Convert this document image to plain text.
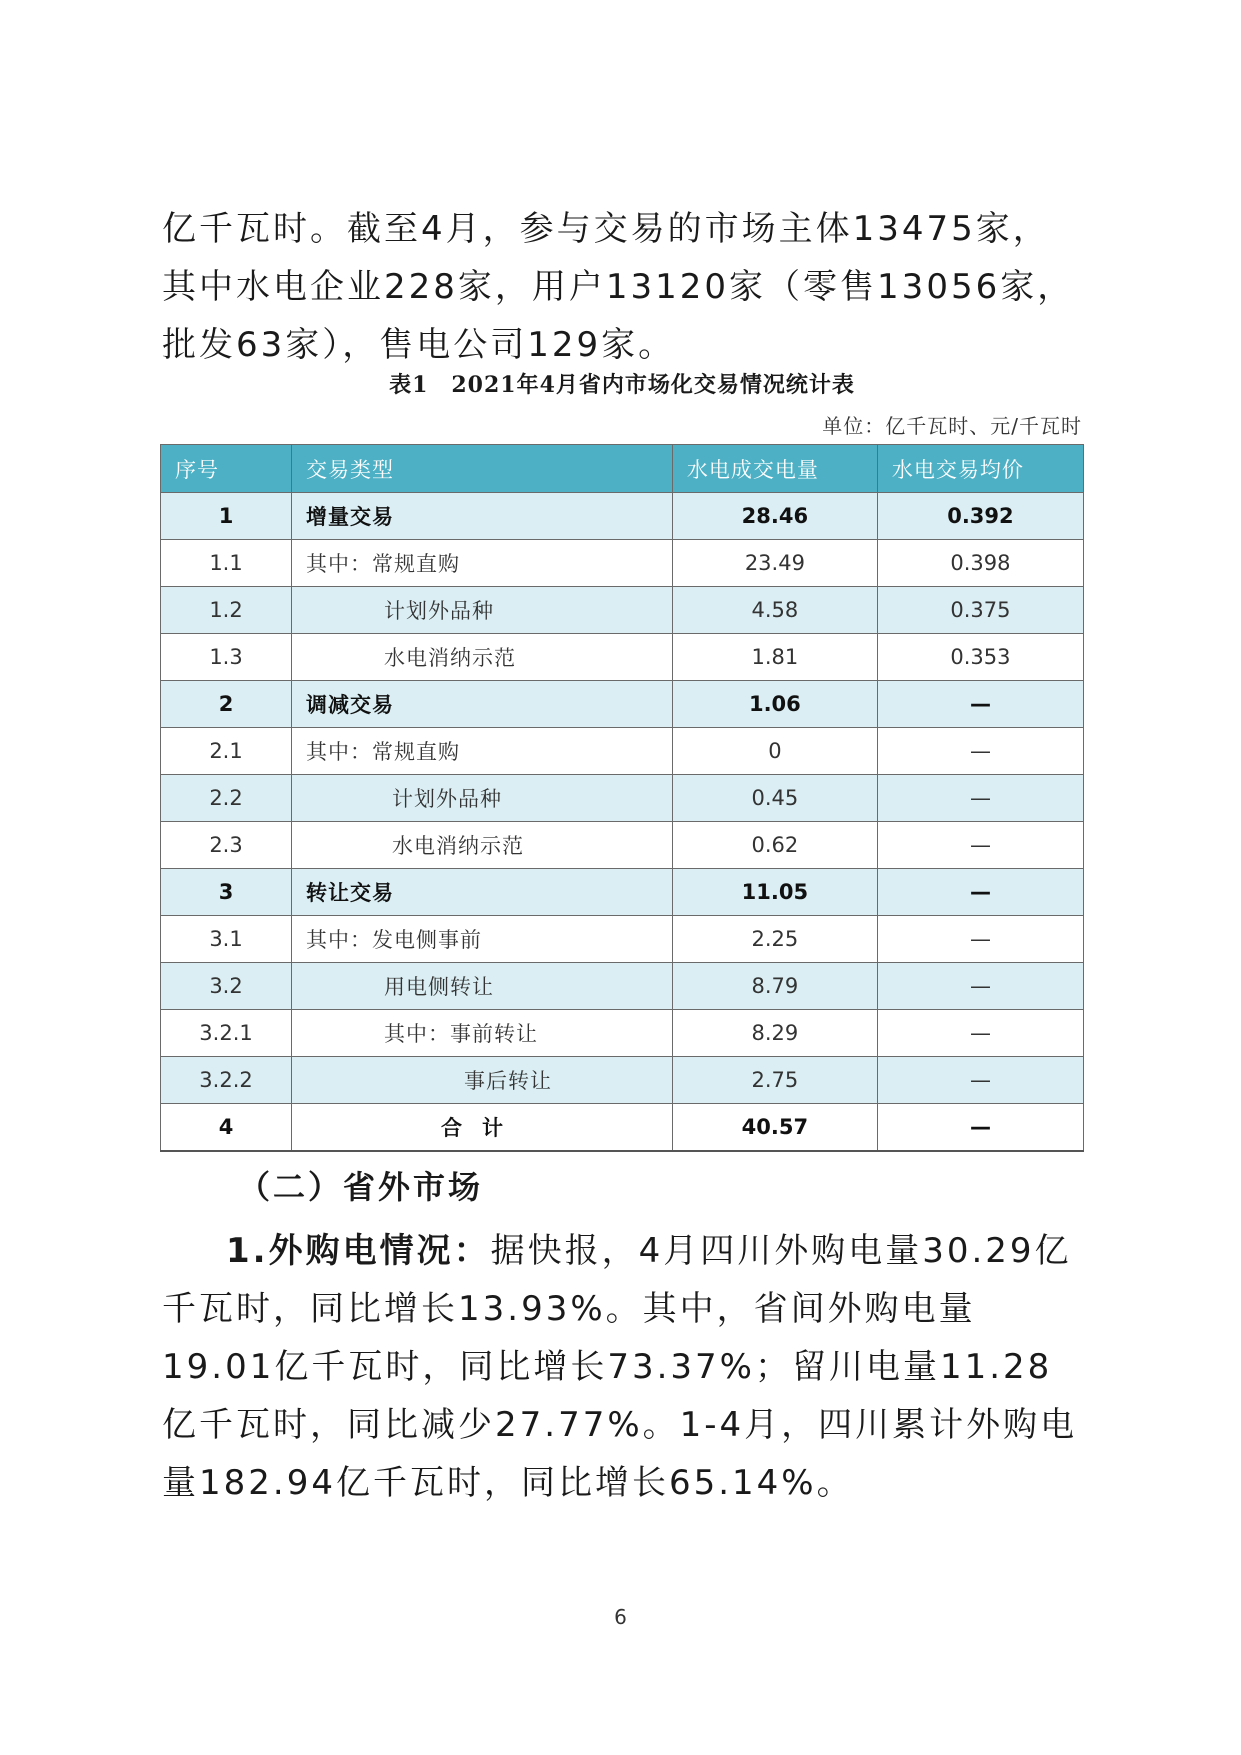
亿千瓦时。截至4月，参与交易的市场主体13475家，其中水电企业228家，用户13120家（零售13056家，批发63家），售电公司129家。
表1　2021年4月省内市场化交易情况统计表
单位：亿千瓦时、元/千瓦时
序号	交易类型	水电成交电量	水电交易均价
1	增量交易	28.46	0.392
1.1	其中：常规直购	23.49	0.398
1.2	计划外品种	4.58	0.375
1.3	水电消纳示范	1.81	0.353
2	调减交易	1.06	—
2.1	其中：常规直购	0	—
2.2	计划外品种	0.45	—
2.3	水电消纳示范	0.62	—
3	转让交易	11.05	—
3.1	其中：发电侧事前	2.25	—
3.2	用电侧转让	8.79	—
3.2.1	其中：事前转让	8.29	—
3.2.2	事后转让	2.75	—
4	合计	40.57	—
（二）省外市场
1.外购电情况：据快报，4月四川外购电量30.29亿千瓦时，同比增长13.93%。其中，省间外购电量19.01亿千瓦时，同比增长73.37%；留川电量11.28亿千瓦时，同比减少27.77%。1-4月，四川累计外购电量182.94亿千瓦时，同比增长65.14%。
6
